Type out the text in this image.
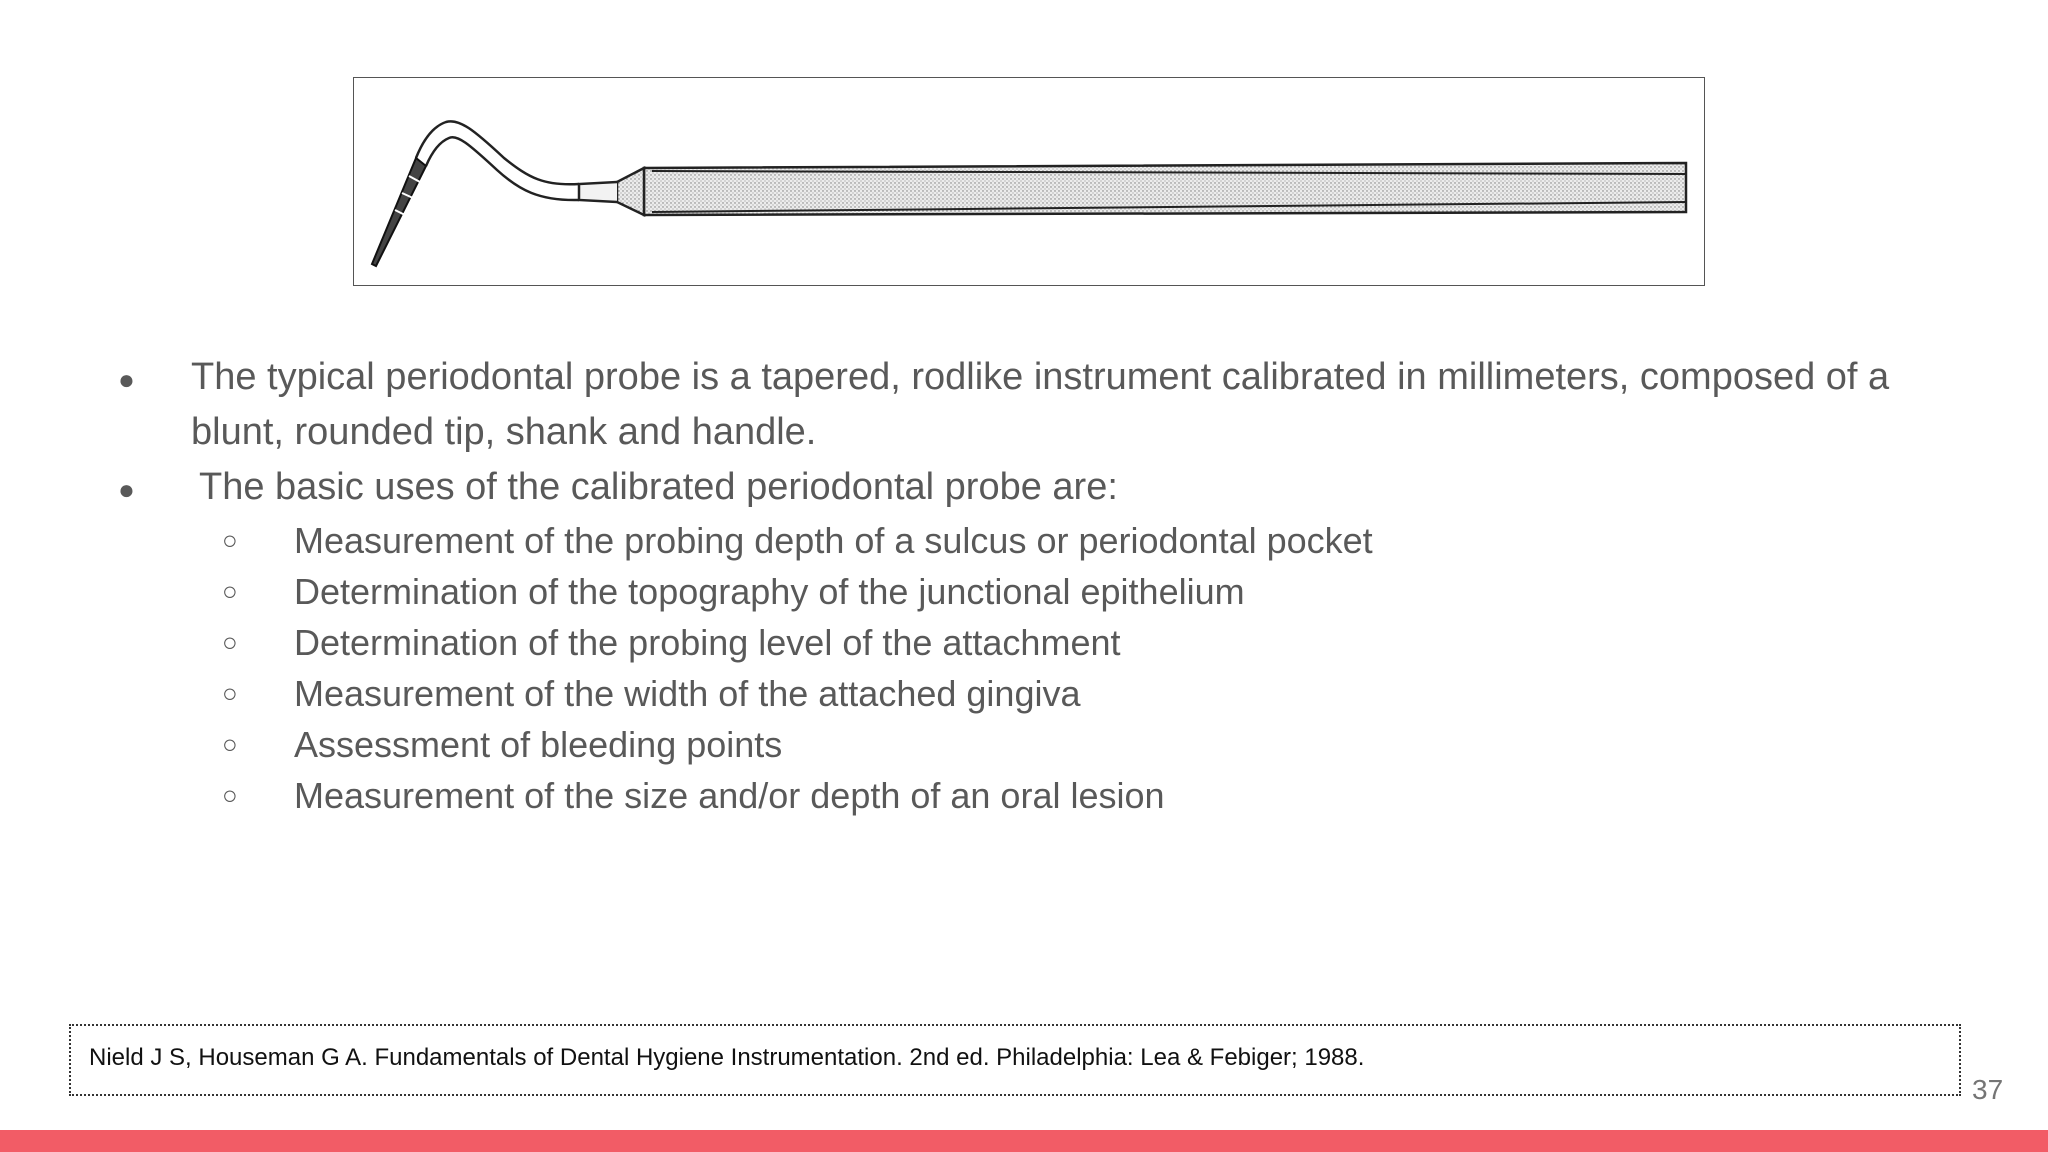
● The typical periodontal probe is a tapered, rodlike instrument calibrated in millimeters, composed of a
blunt, rounded tip, shank and handle.
● The basic uses of the calibrated periodontal probe are:
○ Measurement of the probing depth of a sulcus or periodontal pocket
○ Determination of the topography of the junctional epithelium
○ Determination of the probing level of the attachment
○ Measurement of the width of the attached gingiva
○ Assessment of bleeding points
○ Measurement of the size and/or depth of an oral lesion
Nield J S, Houseman G A. Fundamentals of Dental Hygiene Instrumentation. 2nd ed. Philadelphia: Lea & Febiger; 1988.
37
